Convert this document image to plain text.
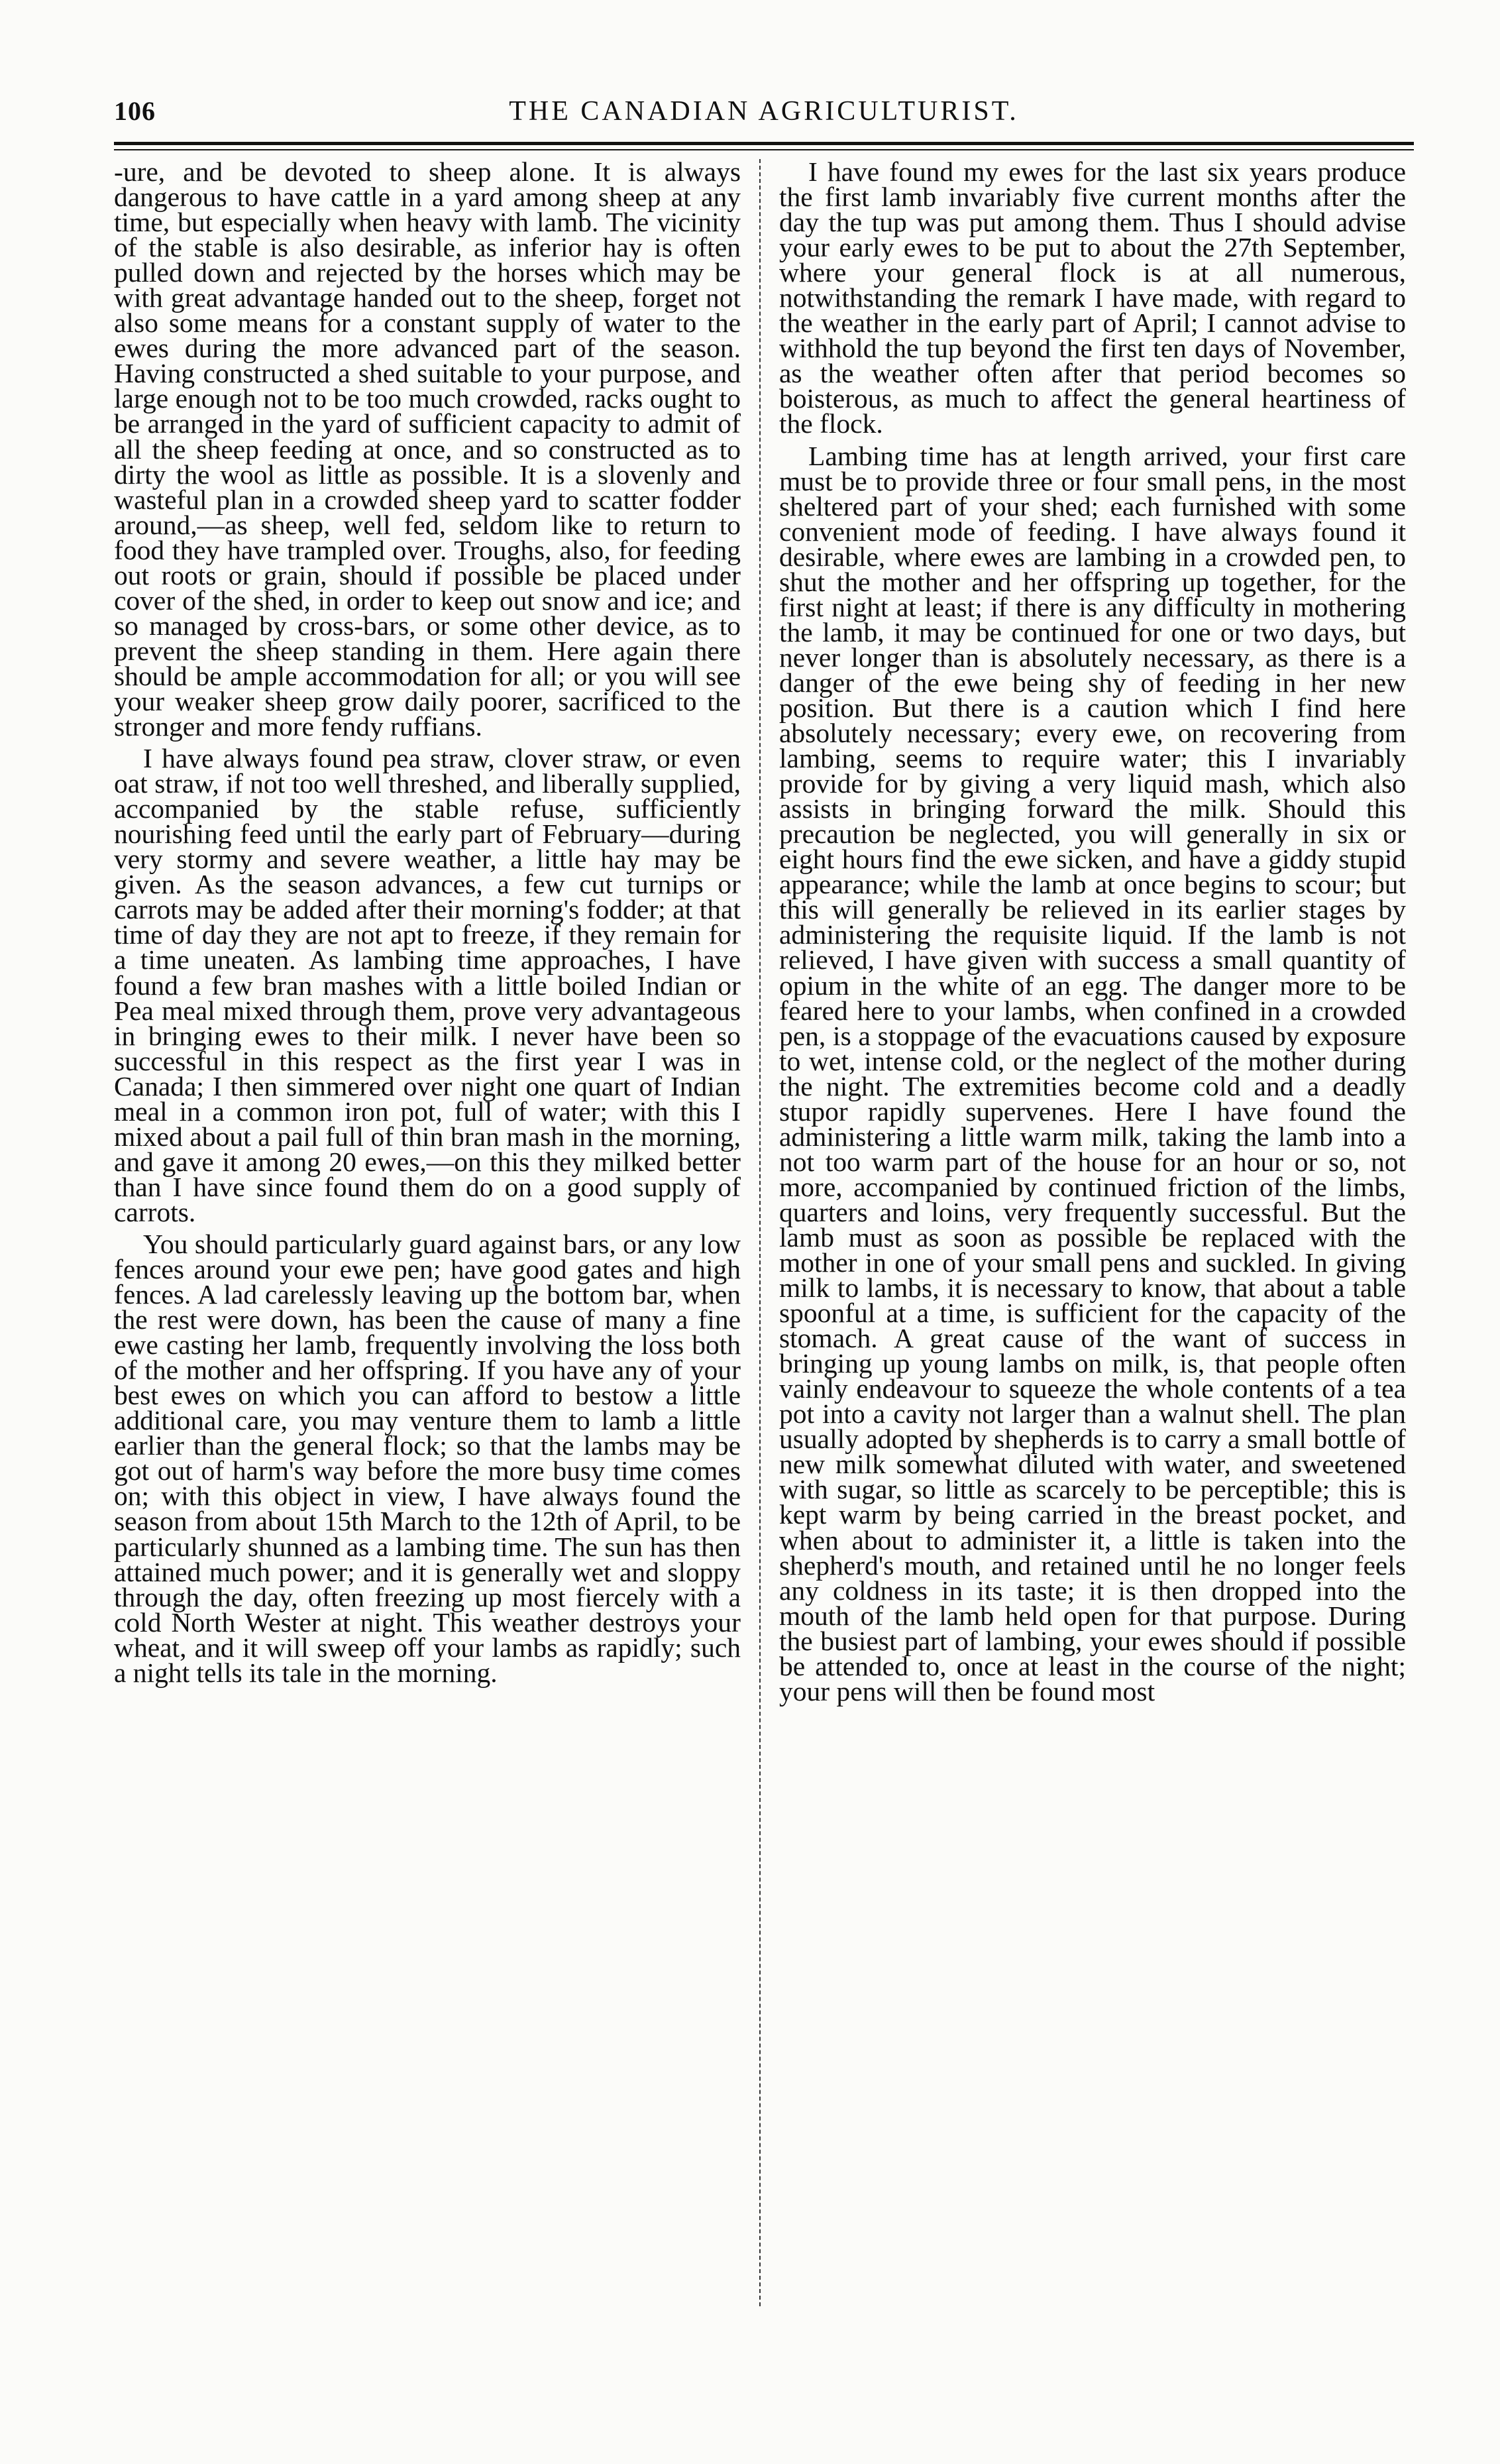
106	THE CANADIAN AGRICULTURIST.

-ure, and be devoted to sheep alone. It is always dangerous to have cattle in a yard among sheep at any time, but especially when heavy with lamb. The vicinity of the stable is also desirable, as inferior hay is often pulled down and rejected by the horses which may be with great advantage handed out to the sheep, forget not also some means for a constant supply of water to the ewes during the more advanced part of the season. Having constructed a shed suitable to your purpose, and large enough not to be too much crowded, racks ought to be arranged in the yard of sufficient capacity to admit of all the sheep feeding at once, and so constructed as to dirty the wool as little as possible. It is a slovenly and wasteful plan in a crowded sheep yard to scatter fodder around,—as sheep, well fed, seldom like to return to food they have trampled over. Troughs, also, for feeding out roots or grain, should if possible be placed under cover of the shed, in order to keep out snow and ice; and so managed by cross-bars, or some other device, as to prevent the sheep standing in them. Here again there should be ample accommodation for all; or you will see your weaker sheep grow daily poorer, sacrificed to the stronger and more fendy ruffians.

I have always found pea straw, clover straw, or even oat straw, if not too well threshed, and liberally supplied, accompanied by the stable refuse, sufficiently nourishing feed until the early part of February—during very stormy and severe weather, a little hay may be given. As the season advances, a few cut turnips or carrots may be added after their morning's fodder; at that time of day they are not apt to freeze, if they remain for a time uneaten. As lambing time approaches, I have found a few bran mashes with a little boiled Indian or Pea meal mixed through them, prove very advantageous in bringing ewes to their milk. I never have been so successful in this respect as the first year I was in Canada; I then simmered over night one quart of Indian meal in a common iron pot, full of water; with this I mixed about a pail full of thin bran mash in the morning, and gave it among 20 ewes,—on this they milked better than I have since found them do on a good supply of carrots.

You should particularly guard against bars, or any low fences around your ewe pen; have good gates and high fences. A lad carelessly leaving up the bottom bar, when the rest were down, has been the cause of many a fine ewe casting her lamb, frequently involving the loss both of the mother and her offspring. If you have any of your best ewes on which you can afford to bestow a little additional care, you may venture them to lamb a little earlier than the general flock; so that the lambs may be got out of harm's way before the more busy time comes on; with this object in view, I have always found the season from about 15th March to the 12th of April, to be particularly shunned as a lambing time. The sun has then attained much power; and it is generally wet and sloppy through the day, often freezing up most fiercely with a cold North Wester at night. This weather destroys your wheat, and it will sweep off your lambs as rapidly; such a night tells its tale in the morning.

I have found my ewes for the last six years produce the first lamb invariably five current months after the day the tup was put among them. Thus I should advise your early ewes to be put to about the 27th September, where your general flock is at all numerous, notwithstanding the remark I have made, with regard to the weather in the early part of April; I cannot advise to withhold the tup beyond the first ten days of November, as the weather often after that period becomes so boisterous, as much to affect the general heartiness of the flock.

Lambing time has at length arrived, your first care must be to provide three or four small pens, in the most sheltered part of your shed; each furnished with some convenient mode of feeding. I have always found it desirable, where ewes are lambing in a crowded pen, to shut the mother and her offspring up together, for the first night at least; if there is any difficulty in mothering the lamb, it may be continued for one or two days, but never longer than is absolutely necessary, as there is a danger of the ewe being shy of feeding in her new position. But there is a caution which I find here absolutely necessary; every ewe, on recovering from lambing, seems to require water; this I invariably provide for by giving a very liquid mash, which also assists in bringing forward the milk. Should this precaution be neglected, you will generally in six or eight hours find the ewe sicken, and have a giddy stupid appearance; while the lamb at once begins to scour; but this will generally be relieved in its earlier stages by administering the requisite liquid. If the lamb is not relieved, I have given with success a small quantity of opium in the white of an egg. The danger more to be feared here to your lambs, when confined in a crowded pen, is a stoppage of the evacuations caused by exposure to wet, intense cold, or the neglect of the mother during the night. The extremities become cold and a deadly stupor rapidly supervenes. Here I have found the administering a little warm milk, taking the lamb into a not too warm part of the house for an hour or so, not more, accompanied by continued friction of the limbs, quarters and loins, very frequently successful. But the lamb must as soon as possible be replaced with the mother in one of your small pens and suckled. In giving milk to lambs, it is necessary to know, that about a table spoonful at a time, is sufficient for the capacity of the stomach. A great cause of the want of success in bringing up young lambs on milk, is, that people often vainly endeavour to squeeze the whole contents of a tea pot into a cavity not larger than a walnut shell. The plan usually adopted by shepherds is to carry a small bottle of new milk somewhat diluted with water, and sweetened with sugar, so little as scarcely to be perceptible; this is kept warm by being carried in the breast pocket, and when about to administer it, a little is taken into the shepherd's mouth, and retained until he no longer feels any coldness in its taste; it is then dropped into the mouth of the lamb held open for that purpose. During the busiest part of lambing, your ewes should if possible be attended to, once at least in the course of the night; your pens will then be found most
